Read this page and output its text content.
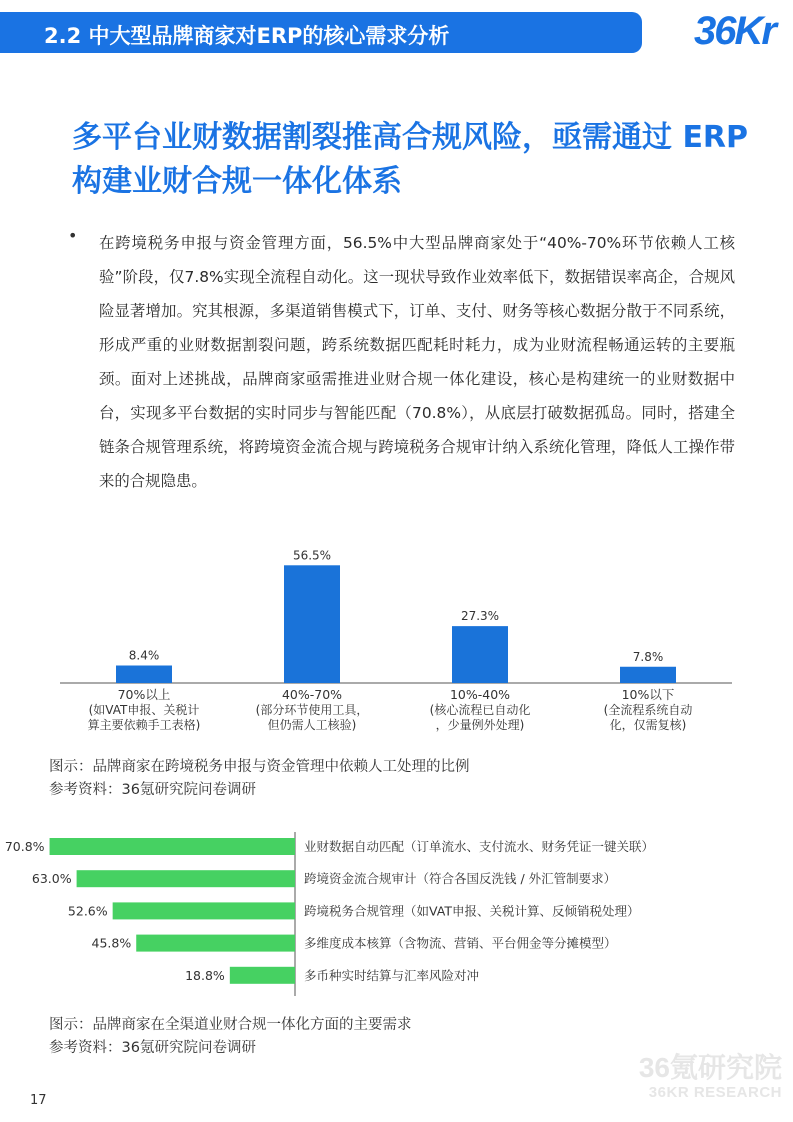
2.2 中大型品牌商家对ERP的核心需求分析	36Kr
多平台业财数据割裂推高合规风险，亟需通过 ERP 构建业财合规一体化体系
• 在跨境税务申报与资金管理方面，56.5%中大型品牌商家处于“40%-70%环节依赖人工核验”阶段，仅7.8%实现全流程自动化。这一现状导致作业效率低下，数据错误率高企，合规风险显著增加。究其根源，多渠道销售模式下，订单、支付、财务等核心数据分散于不同系统，形成严重的业财数据割裂问题，跨系统数据匹配耗时耗力，成为业财流程畅通运转的主要瓶颈。面对上述挑战，品牌商家亟需推进业财合规一体化建设，核心是构建统一的业财数据中台，实现多平台数据的实时同步与智能匹配（70.8%），从底层打破数据孤岛。同时，搭建全链条合规管理系统，将跨境资金流合规与跨境税务合规审计纳入系统化管理，降低人工操作带来的合规隐患。
8.4%
70%以上
(如VAT申报、关税计
算主要依赖手工表格)
56.5%
40%-70%
(部分环节使用工具，
但仍需人工核验)
27.3%
10%-40%
(核心流程已自动化
，少量例外处理)
7.8%
10%以下
(全流程系统自动
化，仅需复核)
图示：品牌商家在跨境税务申报与资金管理中依赖人工处理的比例
参考资料：36氪研究院问卷调研
70.8%	业财数据自动匹配（订单流水、支付流水、财务凭证一键关联）
63.0%	跨境资金流合规审计（符合各国反洗钱 / 外汇管制要求）
52.6%	跨境税务合规管理（如VAT申报、关税计算、反倾销税处理）
45.8%	多维度成本核算（含物流、营销、平台佣金等分摊模型）
18.8%	多币种实时结算与汇率风险对冲
图示：品牌商家在全渠道业财合规一体化方面的主要需求
参考资料：36氪研究院问卷调研
17
36氪研究院
36KR RESEARCH
